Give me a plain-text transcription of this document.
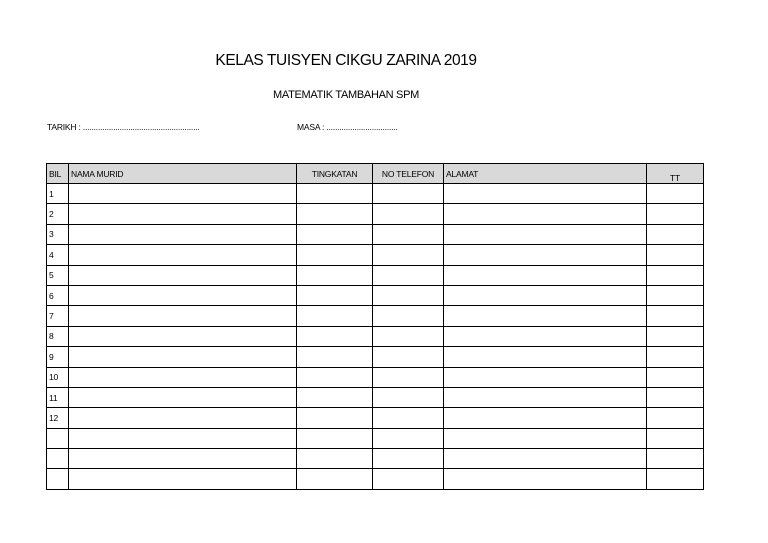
KELAS TUISYEN CIKGU ZARINA 2019
MATEMATIK TAMBAHAN SPM
TARIKH : ......................................................	MASA : .................................
BIL	NAMA MURID	TINGKATAN	NO TELEFON	ALAMAT	TT
1					
2					
3					
4					
5					
6					
7					
8					
9					
10					
11					
12					
